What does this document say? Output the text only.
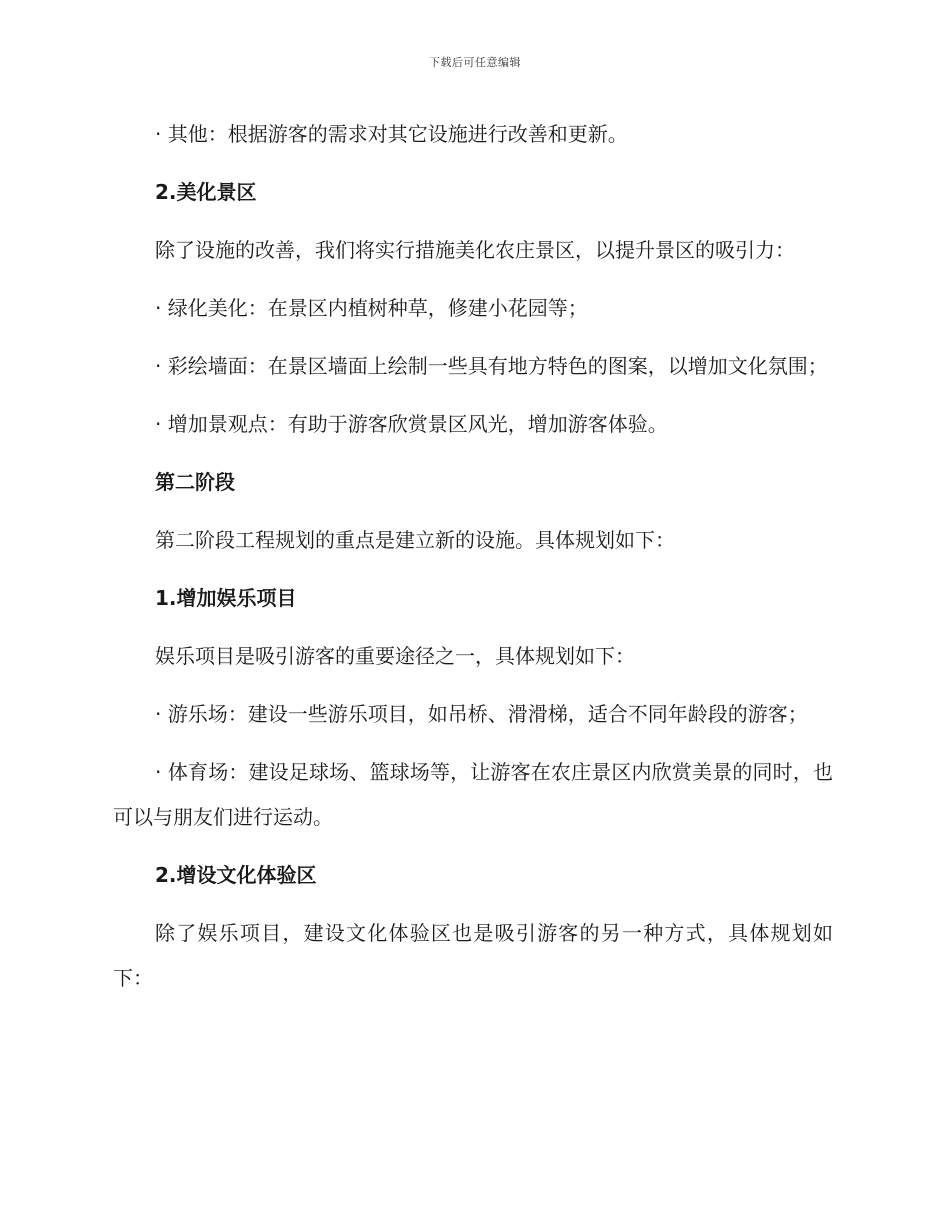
下载后可任意编辑

· 其他：根据游客的需求对其它设施进行改善和更新。

2.美化景区

除了设施的改善，我们将实行措施美化农庄景区，以提升景区的吸引力：

· 绿化美化：在景区内植树种草，修建小花园等；

· 彩绘墙面：在景区墙面上绘制一些具有地方特色的图案，以增加文化氛围；

· 增加景观点：有助于游客欣赏景区风光，增加游客体验。

第二阶段

第二阶段工程规划的重点是建立新的设施。具体规划如下：

1.增加娱乐项目

娱乐项目是吸引游客的重要途径之一，具体规划如下：

· 游乐场：建设一些游乐项目，如吊桥、滑滑梯，适合不同年龄段的游客；

· 体育场：建设足球场、篮球场等，让游客在农庄景区内欣赏美景的同时，也可以与朋友们进行运动。

2.增设文化体验区

除了娱乐项目，建设文化体验区也是吸引游客的另一种方式，具体规划如下：
